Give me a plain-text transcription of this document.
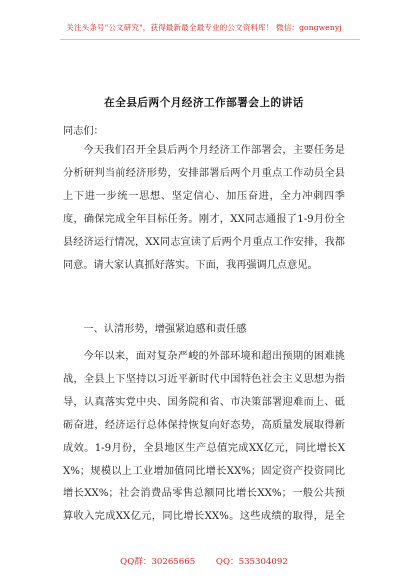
关注头条号"公文研究"，获得最新最全最专业的公文资料库！ 微信：gongwenyj
在全县后两个月经济工作部署会上的讲话
同志们：

今天我们召开全县后两个月经济工作部署会，主要任务是分析研判当前经济形势，安排部署后两个月重点工作动员全县上下进一步统一思想、坚定信心、加压奋进，全力冲刺四季度，确保完成全年目标任务。刚才，XX同志通报了1-9月份全县经济运行情况，XX同志宣读了后两个月重点工作安排，我都同意。请大家认真抓好落实。下面，我再强调几点意见。

一、认清形势，增强紧迫感和责任感

今年以来，面对复杂严峻的外部环境和超出预期的困难挑战，全县上下坚持以习近平新时代中国特色社会主义思想为指导，认真落实党中央、国务院和省、市决策部署迎难而上、砥砺奋进，经济运行总体保持恢复向好态势，高质量发展取得新成效。1-9月份，全县地区生产总值完成XX亿元，同比增长XX%；规模以上工业增加值同比增长XX%；固定资产投资同比增长XX%；社会消费品零售总额同比增长XX%；一般公共预算收入完成XX亿元，同比增长XX%。这些成绩的取得，是全

QQ群：30265665 QQ：535304092
